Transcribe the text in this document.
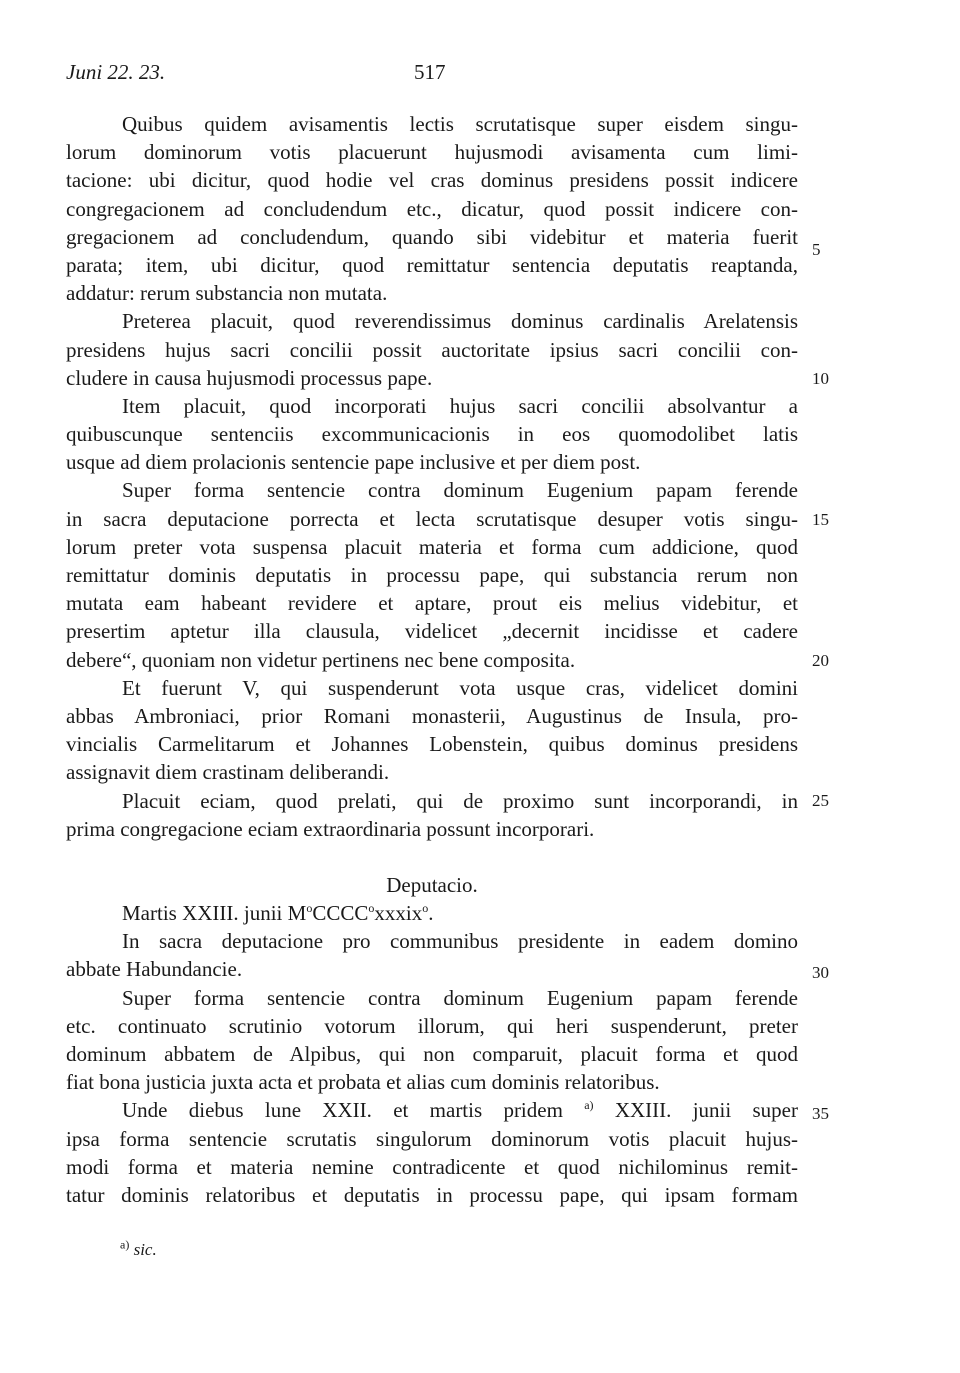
Juni 22. 23.	517
Quibus quidem avisamentis lectis scrutatisque super eisdem singu-
lorum dominorum votis placuerunt hujusmodi avisamenta cum limi-
tacione: ubi dicitur, quod hodie vel cras dominus presidens possit indicere
congregacionem ad concludendum etc., dicatur, quod possit indicere con-
gregacionem ad concludendum, quando sibi videbitur et materia fuerit
parata; item, ubi dicitur, quod remittatur sentencia deputatis reaptanda,
addatur: rerum substancia non mutata.
Preterea placuit, quod reverendissimus dominus cardinalis Arelatensis
presidens hujus sacri concilii possit auctoritate ipsius sacri concilii con-
cludere in causa hujusmodi processus pape.
Item placuit, quod incorporati hujus sacri concilii absolvantur a
quibuscunque sentenciis excommunicacionis in eos quomodolibet latis
usque ad diem prolacionis sentencie pape inclusive et per diem post.
Super forma sentencie contra dominum Eugenium papam ferende
in sacra deputacione porrecta et lecta scrutatisque desuper votis singu-
lorum preter vota suspensa placuit materia et forma cum addicione, quod
remittatur dominis deputatis in processu pape, qui substancia rerum non
mutata eam habeant revidere et aptare, prout eis melius videbitur, et
presertim aptetur illa clausula, videlicet „decernit incidisse et cadere
debere“, quoniam non videtur pertinens nec bene composita.
Et fuerunt V, qui suspenderunt vota usque cras, videlicet domini
abbas Ambroniaci, prior Romani monasterii, Augustinus de Insula, pro-
vincialis Carmelitarum et Johannes Lobenstein, quibus dominus presidens
assignavit diem crastinam deliberandi.
Placuit eciam, quod prelati, qui de proximo sunt incorporandi, in
prima congregacione eciam extraordinaria possunt incorporari.
Deputacio.
Martis XXIII. junii $M^oCCCC^oxxxix^o$.
In sacra deputacione pro communibus presidente in eadem domino
abbate Habundancie.
Super forma sentencie contra dominum Eugenium papam ferende
etc. continuato scrutinio votorum illorum, qui heri suspenderunt, preter
dominum abbatem de Alpibus, qui non comparuit, placuit forma et quod
fiat bona justicia juxta acta et probata et alias cum dominis relatoribus.
Unde diebus lune XXII. et martis pridem $^{a)}$ XXIII. junii super
ipsa forma sentencie scrutatis singulorum dominorum votis placuit hujus-
modi forma et materia nemine contradicente et quod nichilominus remit-
tatur dominis relatoribus et deputatis in processu pape, qui ipsam formam
5
10
15
20
25
30
35
$^{a)}$ sic.
